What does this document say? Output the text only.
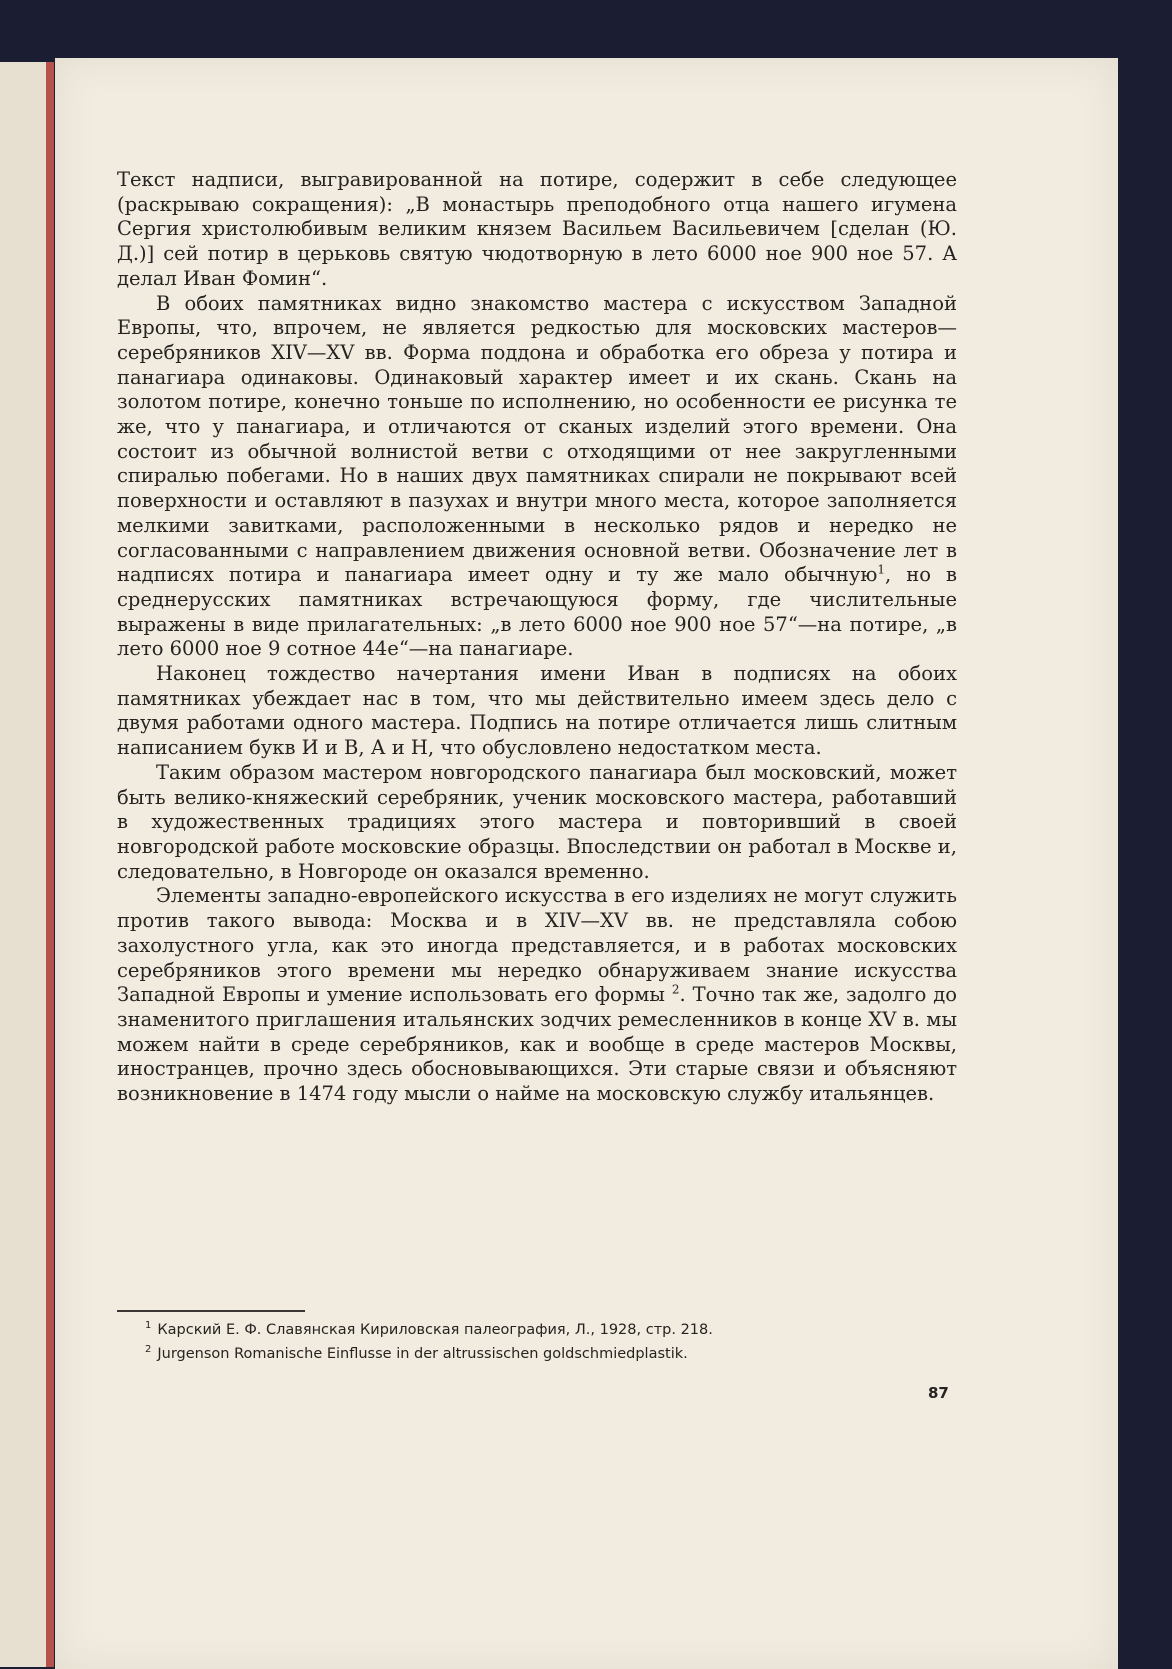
Текст надписи, выгравированной на потире, содержит в себе следующее (раскрываю сокращения): „В монастырь преподобного отца нашего игумена Сергия христолюбивым великим князем Васильем Васильевичем [сделан (Ю. Д.)] сей потир в церьковь святую чюдотворную в лето 6000 ное 900 ное 57. А делал Иван Фомин“.

В обоих памятниках видно знакомство мастера с искусством Западной Европы, что, впрочем, не является редкостью для московских мастеров—серебряников XIV—XV вв. Форма поддона и обработка его обреза у потира и панагиара одинаковы. Одинаковый характер имеет и их скань. Скань на золотом потире, конечно тоньше по исполнению, но особенности ее рисунка те же, что у панагиара, и отличаются от сканых изделий этого времени. Она состоит из обычной волнистой ветви с отходящими от нее закругленными спиралью побегами. Но в наших двух памятниках спирали не покрывают всей поверхности и оставляют в пазухах и внутри много места, которое заполняется мелкими завитками, расположенными в несколько рядов и нередко не согласованными с направлением движения основной ветви. Обозначение лет в надписях потира и панагиара имеет одну и ту же мало обычную$^1$, но в среднерусских памятниках встречающуюся форму, где числительные выражены в виде прилагательных: „в лето 6000 ное 900 ное 57“—на потире, „в лето 6000 ное 9 сотное 44е“—на панагиаре.

Наконец тождество начертания имени Иван в подписях на обоих памятниках убеждает нас в том, что мы действительно имеем здесь дело с двумя работами одного мастера. Подпись на потире отличается лишь слитным написанием букв И и В, А и Н, что обусловлено недостатком места.

Таким образом мастером новгородского панагиара был московский, может быть велико-княжеский серебряник, ученик московского мастера, работавший в художественных традициях этого мастера и повторивший в своей новгородской работе московские образцы. Впоследствии он работал в Москве и, следовательно, в Новгороде он оказался временно.

Элементы западно-европейского искусства в его изделиях не могут служить против такого вывода: Москва и в XIV—XV вв. не представляла собою захолустного угла, как это иногда представляется, и в работах московских серебряников этого времени мы нередко обнаруживаем знание искусства Западной Европы и умение использовать его формы $^2$. Точно так же, задолго до знаменитого приглашения итальянских зодчих ремесленников в конце XV в. мы можем найти в среде серебряников, как и вообще в среде мастеров Москвы, иностранцев, прочно здесь обосновывающихся. Эти старые связи и объясняют возникновение в 1474 году мысли о найме на московскую службу итальянцев.

$^1$ Карский Е. Ф. Славянская Кириловская палеография, Л., 1928, стр. 218.
$^2$ Jurgenson Romanische Einflusse in der altrussischen goldschmiedplastik.
87
